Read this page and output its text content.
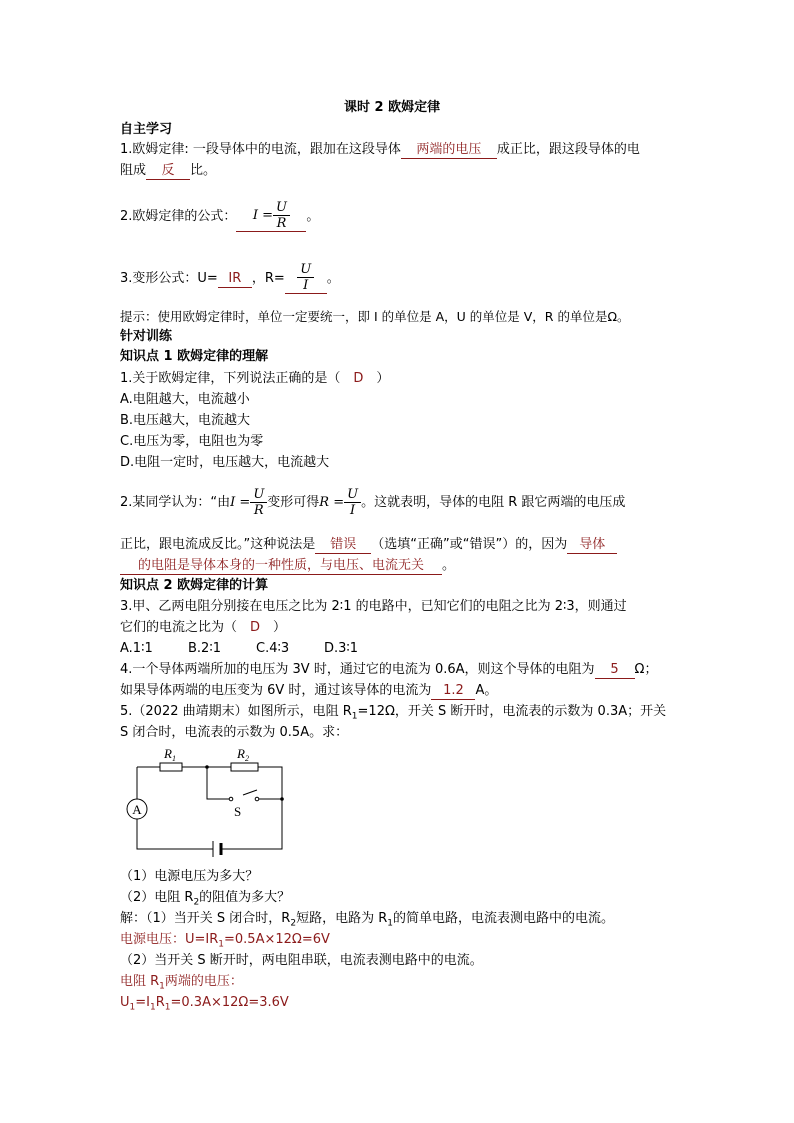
课时 2 欧姆定律
自主学习
1.欧姆定律: 一段导体中的电流，跟加在这段导体 两端的电压 成正比，跟这段导体的电
阻成 反 比。
2.欧姆定律的公式： $I = \frac{U}{R}$ 。
3.变形公式：U= IR ，$R= \frac{U}{I}$ 。
提示：使用欧姆定律时，单位一定要统一，即 I 的单位是 A，U 的单位是 V，R 的单位是Ω。
针对训练
知识点 1 欧姆定律的理解
1.关于欧姆定律，下列说法正确的是（ D ）
A.电阻越大，电流越小
B.电压越大，电流越大
C.电压为零，电阻也为零
D.电阻一定时，电压越大，电流越大
2.某同学认为：“由$I = \frac{U}{R}$ 变形可得$R = \frac{U}{I}$ 。这就表明，导体的电阻 R 跟它两端的电压成
正比，跟电流成反比。”这种说法是 错误 （选填“正确”或“错误”）的，因为 导体
的电阻是导体本身的一种性质，与电压、电流无关 。
知识点 2 欧姆定律的计算
3.甲、乙两电阻分别接在电压之比为 2∶1 的电路中，已知它们的电阻之比为 2∶3，则通过
它们的电流之比为（ D ）
A.1∶1	B.2∶1	C.4∶3	D.3∶1
4.一个导体两端所加的电压为 3V 时，通过它的电流为 0.6A，则这个导体的电阻为 5 Ω；
如果导体两端的电压变为 6V 时，通过该导体的电流为 1.2 A。
5.（2022 曲靖期末）如图所示，电阻 $R_1=12\Omega$，开关 S 断开时，电流表的示数为 0.3A；开关
S 闭合时，电流表的示数为 0.5A。求：
A
$R_1$	$R_2$
S
（1）电源电压为多大？
（2）电阻 $R_2$的阻值为多大？
解：（1）当开关 S 闭合时，$R_2$短路，电路为 $R_1$的简单电路，电流表测电路中的电流。
电源电压：$U=IR_1=0.5A\times 12\Omega=6V$
（2）当开关 S 断开时，两电阻串联，电流表测电路中的电流。
电阻 $R_1$两端的电压：
$U_1=I_1R_1=0.3A\times 12\Omega=3.6V$
